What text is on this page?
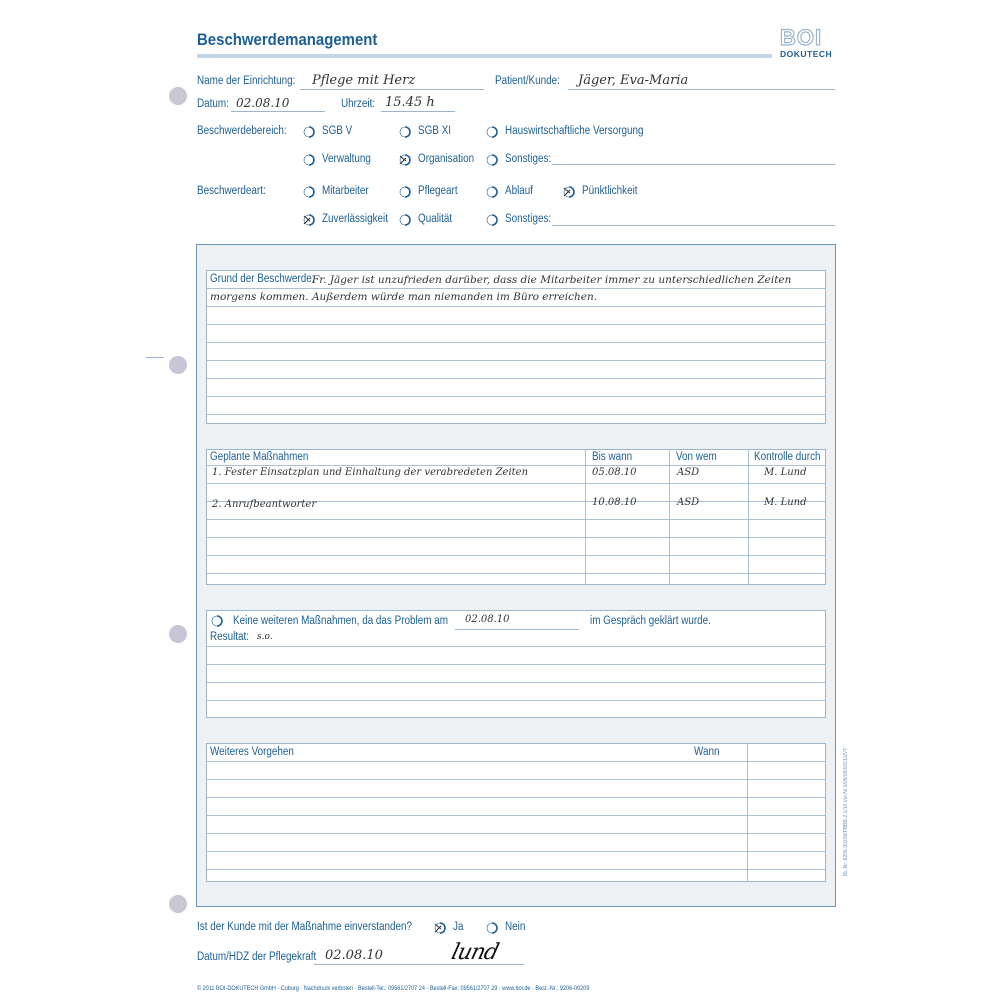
Beschwerdemanagement	BOI
DOKUTECH
Name der Einrichtung: Pflege mit Herz	Patient/Kunde: Jäger, Eva-Maria
Datum: 02.08.10	Uhrzeit: 15.45 h
Beschwerdebereich:	SGB V	SGB XI	Hauswirtschaftliche Versorgung
Verwaltung	Organisation	Sonstiges:
Beschwerdeart:	Mitarbeiter	Pflegeart	Ablauf	Pünktlichkeit
Zuverlässigkeit	Qualität	Sonstiges:
Grund der Beschwerde:
Fr. Jäger ist unzufrieden darüber, dass die Mitarbeiter immer zu unterschiedlichen Zeiten
morgens kommen. Außerdem würde man niemanden im Büro erreichen.
Geplante Maßnahmen	Bis wann	Von wem	Kontrolle durch
1. Fester Einsatzplan und Einhaltung der verabredeten Zeiten	05.08.10	ASD	M. Lund
2. Anrufbeantworter	10.08.10	ASD	M. Lund
Keine weiteren Maßnahmen, da das Problem am 02.08.10	im Gespräch geklärt wurde.
Resultat: s.o.
Weiteres Vorgehen	Wann	BL-Nr. 9206-00209/FBBB-2 1/10 Ver.Nr.0/09/09/0/2/10/VT
Ist der Kunde mit der Maßnahme einverstanden?	Ja	Nein
Datum/HDZ der Pflegekraft 02.08.10	lund
© 2011 BOI-DOKUTECH GmbH · Coburg · Nachdruck verboten · Bestell-Tel.: 09561/2707 24 · Bestell-Fax: 09561/2707 29 · www.boi.de · Best.-Nr.: 9206-00209
